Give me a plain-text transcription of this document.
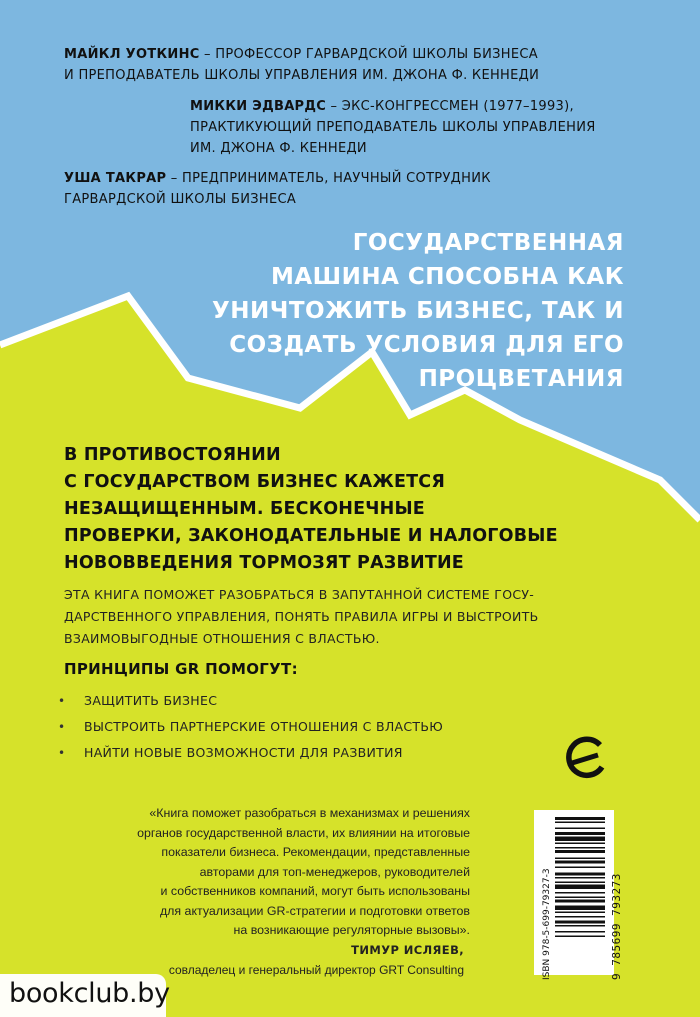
МАЙКЛ УОТКИНС – ПРОФЕССОР ГАРВАРДСКОЙ ШКОЛЫ БИЗНЕСА
И ПРЕПОДАВАТЕЛЬ ШКОЛЫ УПРАВЛЕНИЯ ИМ. ДЖОНА Ф. КЕННЕДИ
МИККИ ЭДВАРДС – ЭКС-КОНГРЕССМЕН (1977–1993),
ПРАКТИКУЮЩИЙ ПРЕПОДАВАТЕЛЬ ШКОЛЫ УПРАВЛЕНИЯ
ИМ. ДЖОНА Ф. КЕННЕДИ
УША ТАКРАР – ПРЕДПРИНИМАТЕЛЬ, НАУЧНЫЙ СОТРУДНИК
ГАРВАРДСКОЙ ШКОЛЫ БИЗНЕСА
ГОСУДАРСТВЕННАЯ
МАШИНА СПОСОБНА КАК
УНИЧТОЖИТЬ БИЗНЕС, ТАК И
СОЗДАТЬ УСЛОВИЯ ДЛЯ ЕГО
ПРОЦВЕТАНИЯ
В ПРОТИВОСТОЯНИИ
С ГОСУДАРСТВОМ БИЗНЕС КАЖЕТСЯ
НЕЗАЩИЩЕННЫМ. БЕСКОНЕЧНЫЕ
ПРОВЕРКИ, ЗАКОНОДАТЕЛЬНЫЕ И НАЛОГОВЫЕ
НОВОВВЕДЕНИЯ ТОРМОЗЯТ РАЗВИТИЕ
ЭТА КНИГА ПОМОЖЕТ РАЗОБРАТЬСЯ В ЗАПУТАННОЙ СИСТЕМЕ ГОСУ-
ДАРСТВЕННОГО УПРАВЛЕНИЯ, ПОНЯТЬ ПРАВИЛА ИГРЫ И ВЫСТРОИТЬ
ВЗАИМОВЫГОДНЫЕ ОТНОШЕНИЯ С ВЛАСТЬЮ.
ПРИНЦИПЫ GR ПОМОГУТ:
•	ЗАЩИТИТЬ БИЗНЕС
•	ВЫСТРОИТЬ ПАРТНЕРСКИЕ ОТНОШЕНИЯ С ВЛАСТЬЮ
•	НАЙТИ НОВЫЕ ВОЗМОЖНОСТИ ДЛЯ РАЗВИТИЯ
«Книга поможет разобраться в механизмах и решениях
органов государственной власти, их влиянии на итоговые
показатели бизнеса. Рекомендации, представленные
авторами для топ-менеджеров, руководителей
и собственников компаний, могут быть использованы
для актуализации GR-стратегии и подготовки ответов
на возникающие регуляторные вызовы».
ТИМУР ИСЛЯЕВ,
совладелец и генеральный директор GRT Consulting	ISBN 978-5-699-79327-3	9 785699 793273
bookclub.by
